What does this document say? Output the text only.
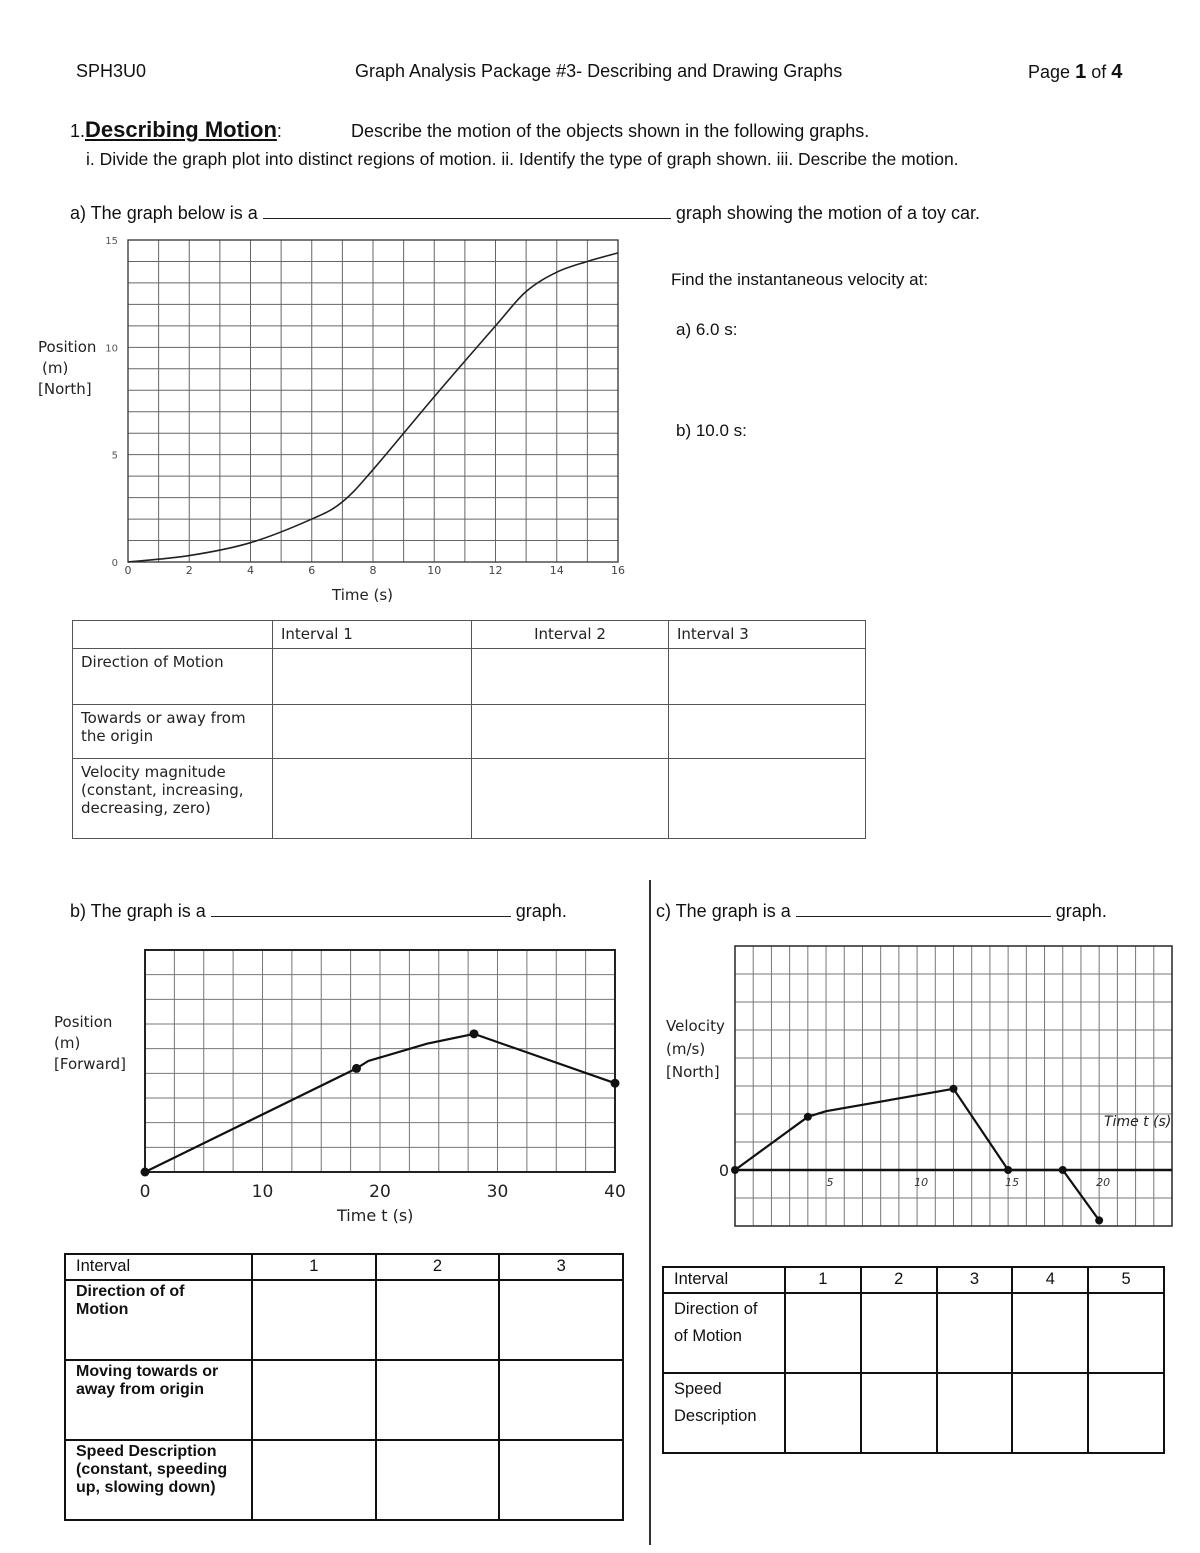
SPH3U0	Graph Analysis Package #3- Describing and Drawing Graphs	Page 1 of 4
1.Describing Motion:	Describe the motion of the objects shown in the following graphs.
i. Divide the graph plot into distinct regions of motion. ii. Identify the type of graph shown. iii. Describe the motion.
a) The graph below is a	graph showing the motion of a toy car.
Find the instantaneous velocity at:
a) 6.0 s:
b) 10.0 s:
Position
(m)
[North]
Time (s)
0	2	4	6	8	10	12	14	16
0
5
10
15
	Interval 1	Interval 2	Interval 3
Direction of Motion			
Towards or away from the origin			
Velocity magnitude (constant, increasing, decreasing, zero)			
b) The graph is a	graph.
Position
(m)
[Forward]
Time t (s)
0	10	20	30	40
Interval	1	2	3
Direction of of Motion			
Moving towards or away from origin			
Speed Description (constant, speeding up, slowing down)			
c) The graph is a	graph.
Velocity
(m/s)
[North]
5	10	15	20
0
Time t (s)
Interval	1	2	3	4	5
Direction of of Motion					
Speed Description					
